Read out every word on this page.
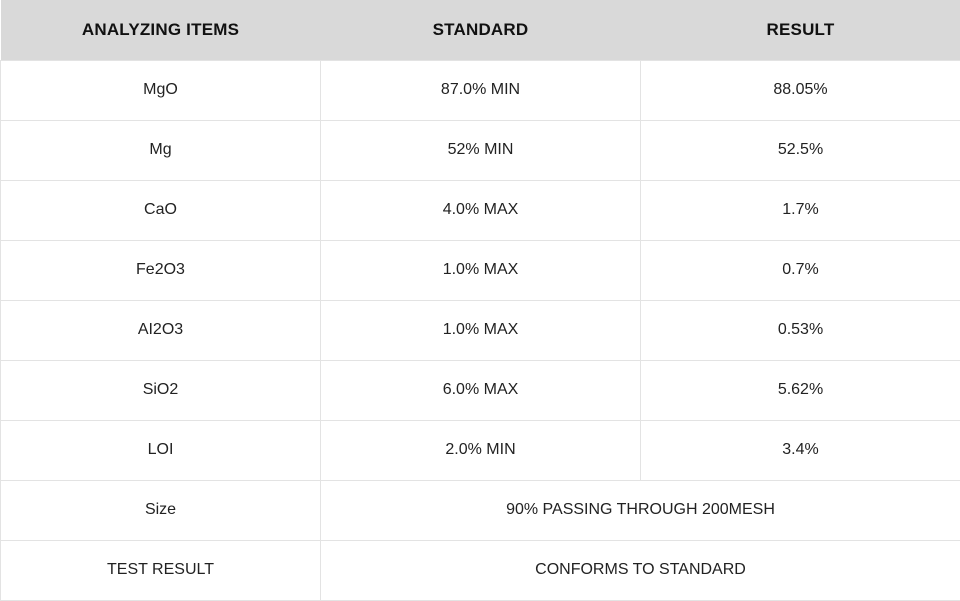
ANALYZING ITEMS	STANDARD	RESULT
MgO	87.0% MIN	88.05%
Mg	52% MIN	52.5%
CaO	4.0% MAX	1.7%
Fe2O3	1.0% MAX	0.7%
AI2O3	1.0% MAX	0.53%
SiO2	6.0% MAX	5.62%
LOI	2.0% MIN	3.4%
Size	90% PASSING THROUGH 200MESH	
TEST RESULT	CONFORMS TO STANDARD	
